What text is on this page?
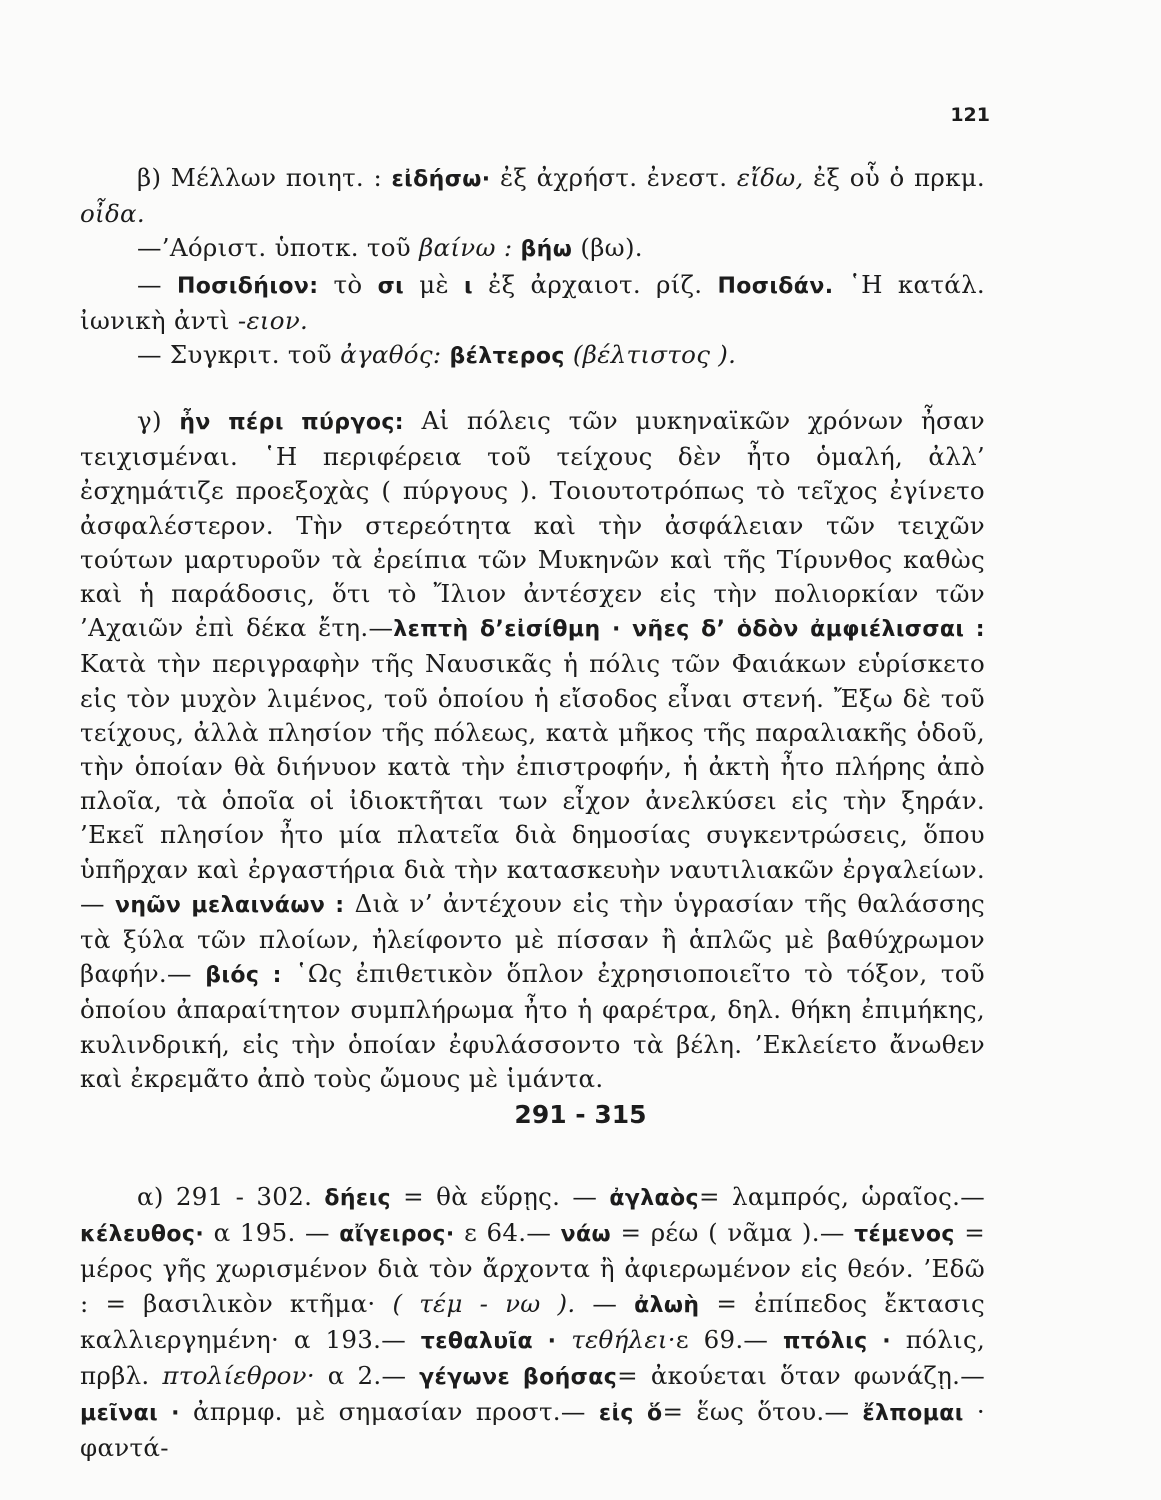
121

β) Μέλλων ποιητ. : εἰδήσω· ἐξ ἀχρήστ. ἐνεστ. εἴδω, ἐξ οὗ ὁ πρκμ. οἶδα.

—’Αόριστ. ὑποτκ. τοῦ βαίνω : βήω (βω).

— Ποσιδήιον: τὸ σι μὲ ι ἐξ ἀρχαιοτ. ρίζ. Ποσιδάν. ῾Η κατάλ. ἰωνικὴ ἀντὶ -ειον.

— Συγκριτ. τοῦ ἀγαθός: βέλτερος (βέλτιστος ).

γ) ἦν πέρι πύργος: Αἱ πόλεις τῶν μυκηναϊκῶν χρόνων ἦσαν τειχισμέναι. ῾Η περιφέρεια τοῦ τείχους δὲν ἦτο ὁμαλή, ἀλλ’ ἐσχημάτιζε προεξοχὰς ( πύργους ). Τοιουτοτρόπως τὸ τεῖχος ἐγίνετο ἀσφαλέστερον. Τὴν στερεότητα καὶ τὴν ἀσφάλειαν τῶν τειχῶν τούτων μαρτυροῦν τὰ ἐρείπια τῶν Μυκηνῶν καὶ τῆς Τίρυνθος καθὼς καὶ ἡ παράδοσις, ὅτι τὸ Ἴλιον ἀντέσχεν εἰς τὴν πολιορκίαν τῶν ’Αχαιῶν ἐπὶ δέκα ἔτη.—λεπτὴ δ’εἰσίθμη · νῆες δ’ ὁδὸν ἀμφιέλισσαι : Κατὰ τὴν περιγραφὴν τῆς Ναυσικᾶς ἡ πόλις τῶν Φαιάκων εὑρίσκετο εἰς τὸν μυχὸν λιμένος, τοῦ ὁποίου ἡ εἴσοδος εἶναι στενή. Ἔξω δὲ τοῦ τείχους, ἀλλὰ πλησίον τῆς πόλεως, κατὰ μῆκος τῆς παραλιακῆς ὁδοῦ, τὴν ὁποίαν θὰ διήνυον κατὰ τὴν ἐπιστροφήν, ἡ ἀκτὴ ἦτο πλήρης ἀπὸ πλοῖα, τὰ ὁποῖα οἱ ἰδιοκτῆται των εἶχον ἀνελκύσει εἰς τὴν ξηράν. ’Εκεῖ πλησίον ἦτο μία πλατεῖα διὰ δημοσίας συγκεντρώσεις, ὅπου ὑπῆρχαν καὶ ἐργαστήρια διὰ τὴν κατασκευὴν ναυτιλιακῶν ἐργαλείων. — νηῶν μελαινάων : Διὰ ν’ ἀντέχουν εἰς τὴν ὑγρασίαν τῆς θαλάσσης τὰ ξύλα τῶν πλοίων, ἠλείφοντο μὲ πίσσαν ἢ ἁπλῶς μὲ βαθύχρωμον βαφήν.— βιός : ῾Ως ἐπιθετικὸν ὅπλον ἐχρησιοποιεῖτο τὸ τόξον, τοῦ ὁποίου ἀπαραίτητον συμπλήρωμα ἦτο ἡ φαρέτρα, δηλ. θήκη ἐπιμήκης, κυλινδρική, εἰς τὴν ὁποίαν ἐφυλάσσοντο τὰ βέλη. ’Εκλείετο ἄνωθεν καὶ ἐκρεμᾶτο ἀπὸ τοὺς ὤμους μὲ ἱμάντα.

291 - 315

α) 291 - 302. δήεις = θὰ εὕρῃς. — ἀγλαὸς= λαμπρός, ὡραῖος.— κέλευθος· α 195. — αἴγειρος· ε 64.— νάω = ρέω ( νᾶμα ).— τέμενος = μέρος γῆς χωρισμένον διὰ τὸν ἄρχοντα ἢ ἀφιερωμένον εἰς θεόν. ’Εδῶ : = βασιλικὸν κτῆμα· ( τέμ - νω ). — ἀλωὴ = ἐπίπεδος ἔκτασις καλλιεργημένη· α 193.— τεθαλυῖα · τεθήλει·ε 69.— πτόλις · πόλις, πρβλ. πτολίεθρον· α 2.— γέγωνε βοήσας= ἀκούεται ὅταν φωνάζῃ.— μεῖναι · ἀπρμφ. μὲ σημασίαν προστ.— εἰς ὅ= ἕως ὅτου.— ἔλπομαι · φαντά-
